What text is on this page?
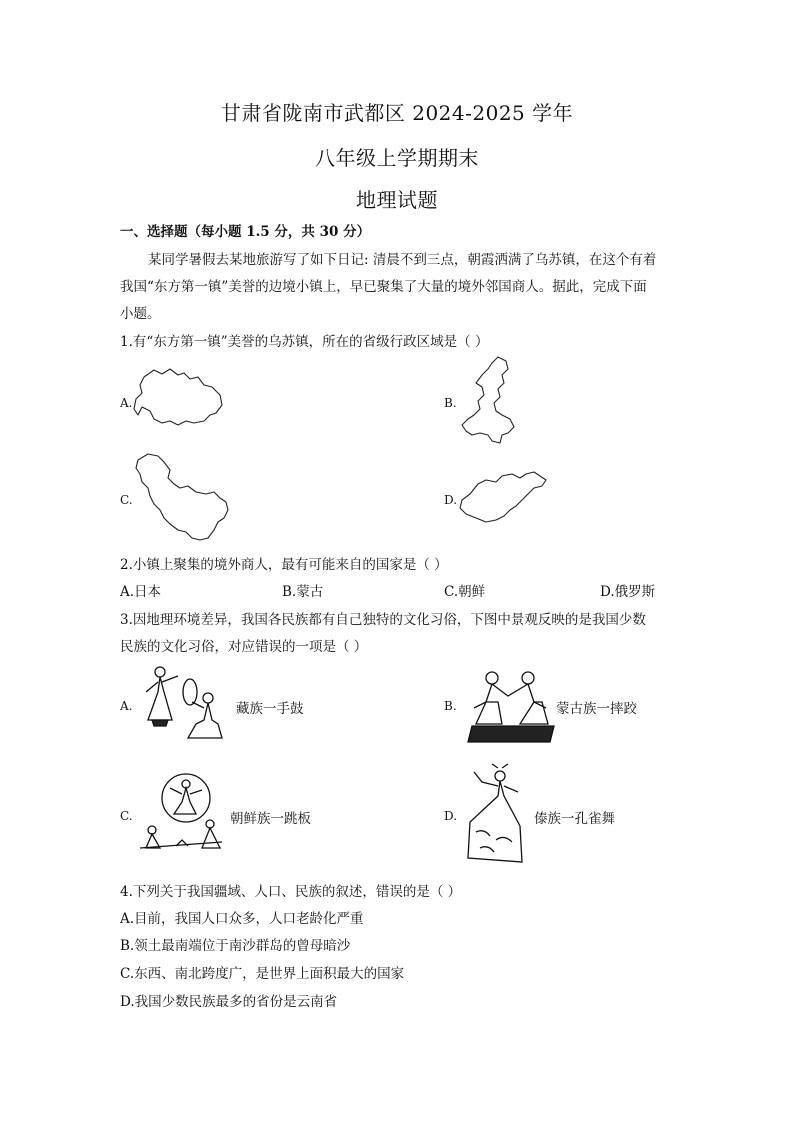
甘肃省陇南市武都区 2024-2025 学年
八年级上学期期末
地理试题
一、选择题（每小题 1.5 分，共 30 分）
某同学暑假去某地旅游写了如下日记: 清晨不到三点，朝霞洒满了乌苏镇，在这个有着
我国“东方第一镇”美誉的边境小镇上，早已聚集了大量的境外邻国商人。据此，完成下面
小题。
1.有“东方第一镇”美誉的乌苏镇，所在的省级行政区域是（ ）
A.	B.
C.	D.
2.小镇上聚集的境外商人，最有可能来自的国家是（ ）
A.日本	B.蒙古	C.朝鲜	D.俄罗斯
3.因地理环境差异，我国各民族都有自己独特的文化习俗，下图中景观反映的是我国少数
民族的文化习俗，对应错误的一项是（ ）
A.	藏族一手鼓	B.	蒙古族一摔跤
C.	朝鲜族一跳板	D.	傣族一孔雀舞
4.下列关于我国疆域、人口、民族的叙述，错误的是（ ）
A.目前，我国人口众多，人口老龄化严重
B.领土最南端位于南沙群岛的曾母暗沙
C.东西、南北跨度广，是世界上面积最大的国家
D.我国少数民族最多的省份是云南省
